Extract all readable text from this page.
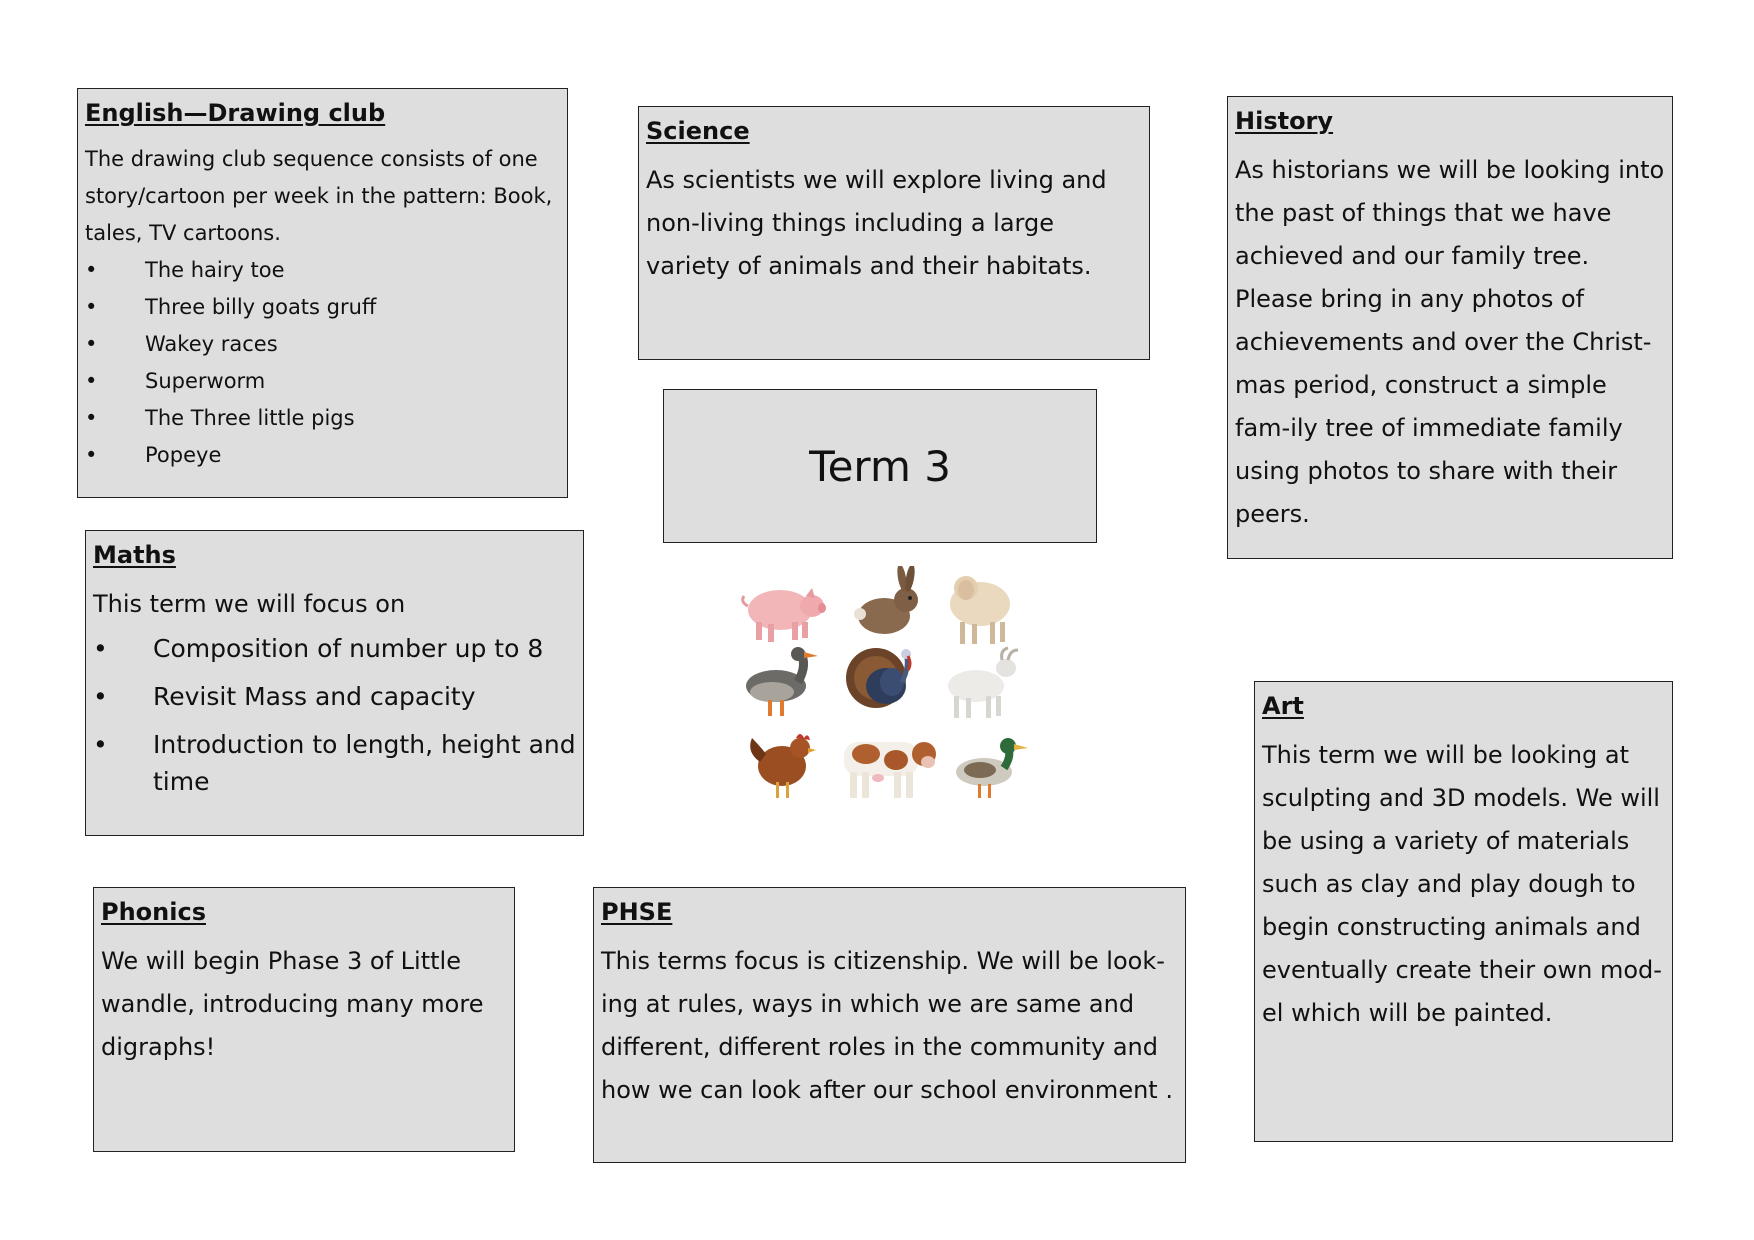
English—Drawing club

The drawing club sequence consists of one story/cartoon per week in the pattern: Book, tales, TV cartoons.

• The hairy toe
• Three billy goats gruff
• Wakey races
• Superworm
• The Three little pigs
• Popeye
Science

As scientists we will explore living and non-living things including a large variety of animals and their habitats.

History

As historians we will be looking into the past of things that we have achieved and our family tree. Please bring in any photos of achievements and over the Christ-mas period, construct a simple fam-ily tree of immediate family using photos to share with their peers.

Term 3
Maths

This term we will focus on

• Composition of number up to 8
• Revisit Mass and capacity
• Introduction to length, height and time
Art

This term we will be looking at sculpting and 3D models. We will be using a variety of materials such as clay and play dough to begin constructing animals and eventually create their own mod-el which will be painted.

Phonics

We will begin Phase 3 of Little wandle, introducing many more digraphs!

PHSE

This terms focus is citizenship. We will be look-ing at rules, ways in which we are same and different, different roles in the community and how we can look after our school environment .
